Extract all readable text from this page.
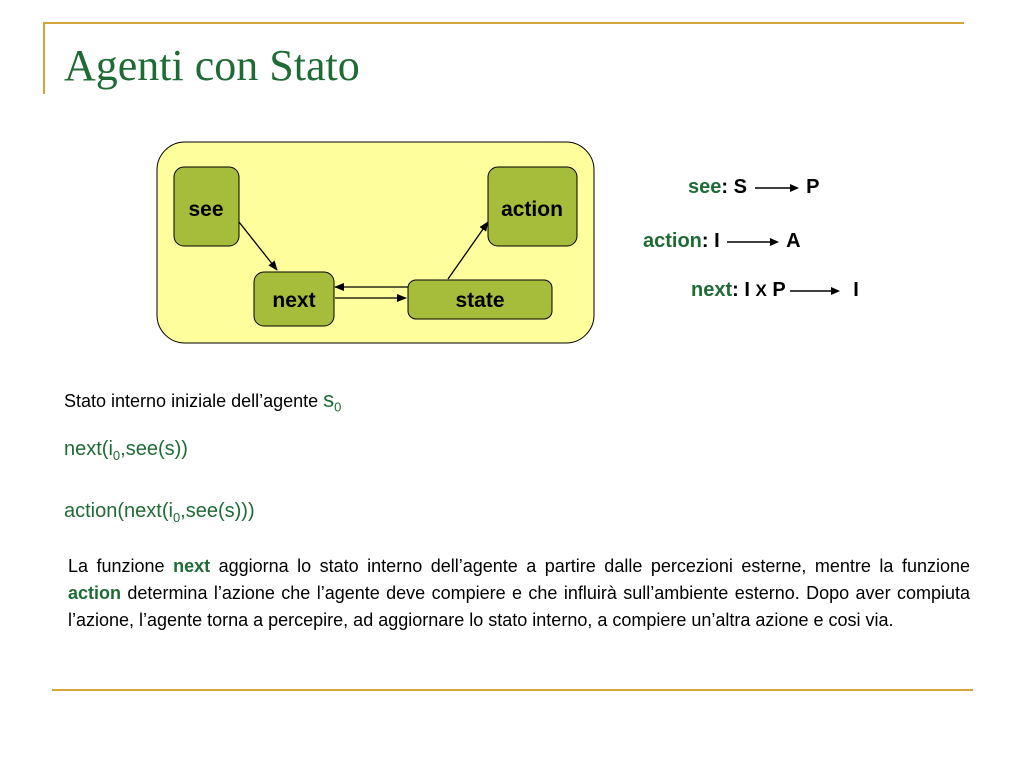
Agenti con Stato
see	action
next	state
see: S	P
action: I	A
next: I X P	I
Stato interno iniziale dell’agente $s_0$
$next(i_0,see(s))$
$action(next(i_0,see(s)))$

La funzione next aggiorna lo stato interno dell’agente a partire dalle percezioni esterne, mentre la funzione action determina l’azione che l’agente deve compiere e che influirà sull’ambiente esterno. Dopo aver compiuta l’azione, l’agente torna a percepire, ad aggiornare lo stato interno, a compiere un’altra azione e cosi via.
